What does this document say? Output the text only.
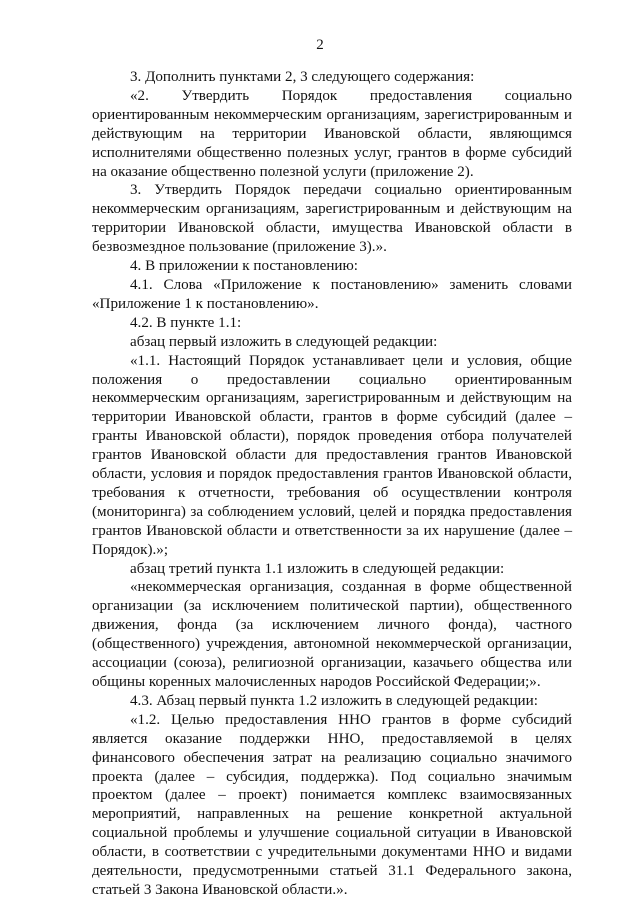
2

3. Дополнить пунктами 2, 3 следующего содержания:

«2. Утвердить Порядок предоставления социально ориентированным некоммерческим организациям, зарегистрированным и действующим на территории Ивановской области, являющимся исполнителями общественно полезных услуг, грантов в форме субсидий на оказание общественно полезной услуги (приложение 2).

3. Утвердить Порядок передачи социально ориентированным некоммерческим организациям, зарегистрированным и действующим на территории Ивановской области, имущества Ивановской области в безвозмездное пользование (приложение 3).».

4. В приложении к постановлению:

4.1. Слова «Приложение к постановлению» заменить словами «Приложение 1 к постановлению».

4.2. В пункте 1.1:

абзац первый изложить в следующей редакции:

«1.1. Настоящий Порядок устанавливает цели и условия, общие положения о предоставлении социально ориентированным некоммерческим организациям, зарегистрированным и действующим на территории Ивановской области, грантов в форме субсидий (далее – гранты Ивановской области), порядок проведения отбора получателей грантов Ивановской области для предоставления грантов Ивановской области, условия и порядок предоставления грантов Ивановской области, требования к отчетности, требования об осуществлении контроля (мониторинга) за соблюдением условий, целей и порядка предоставления грантов Ивановской области и ответственности за их нарушение (далее – Порядок).»;

абзац третий пункта 1.1 изложить в следующей редакции:

«некоммерческая организация, созданная в форме общественной организации (за исключением политической партии), общественного движения, фонда (за исключением личного фонда), частного (общественного) учреждения, автономной некоммерческой организации, ассоциации (союза), религиозной организации, казачьего общества или общины коренных малочисленных народов Российской Федерации;».

4.3. Абзац первый пункта 1.2 изложить в следующей редакции:

«1.2. Целью предоставления ННО грантов в форме субсидий является оказание поддержки ННО, предоставляемой в целях финансового обеспечения затрат на реализацию социально значимого проекта (далее – субсидия, поддержка). Под социально значимым проектом (далее – проект) понимается комплекс взаимосвязанных мероприятий, направленных на решение конкретной актуальной социальной проблемы и улучшение социальной ситуации в Ивановской области, в соответствии с учредительными документами ННО и видами деятельности, предусмотренными статьей 31.1 Федерального закона, статьей 3 Закона Ивановской области.».
